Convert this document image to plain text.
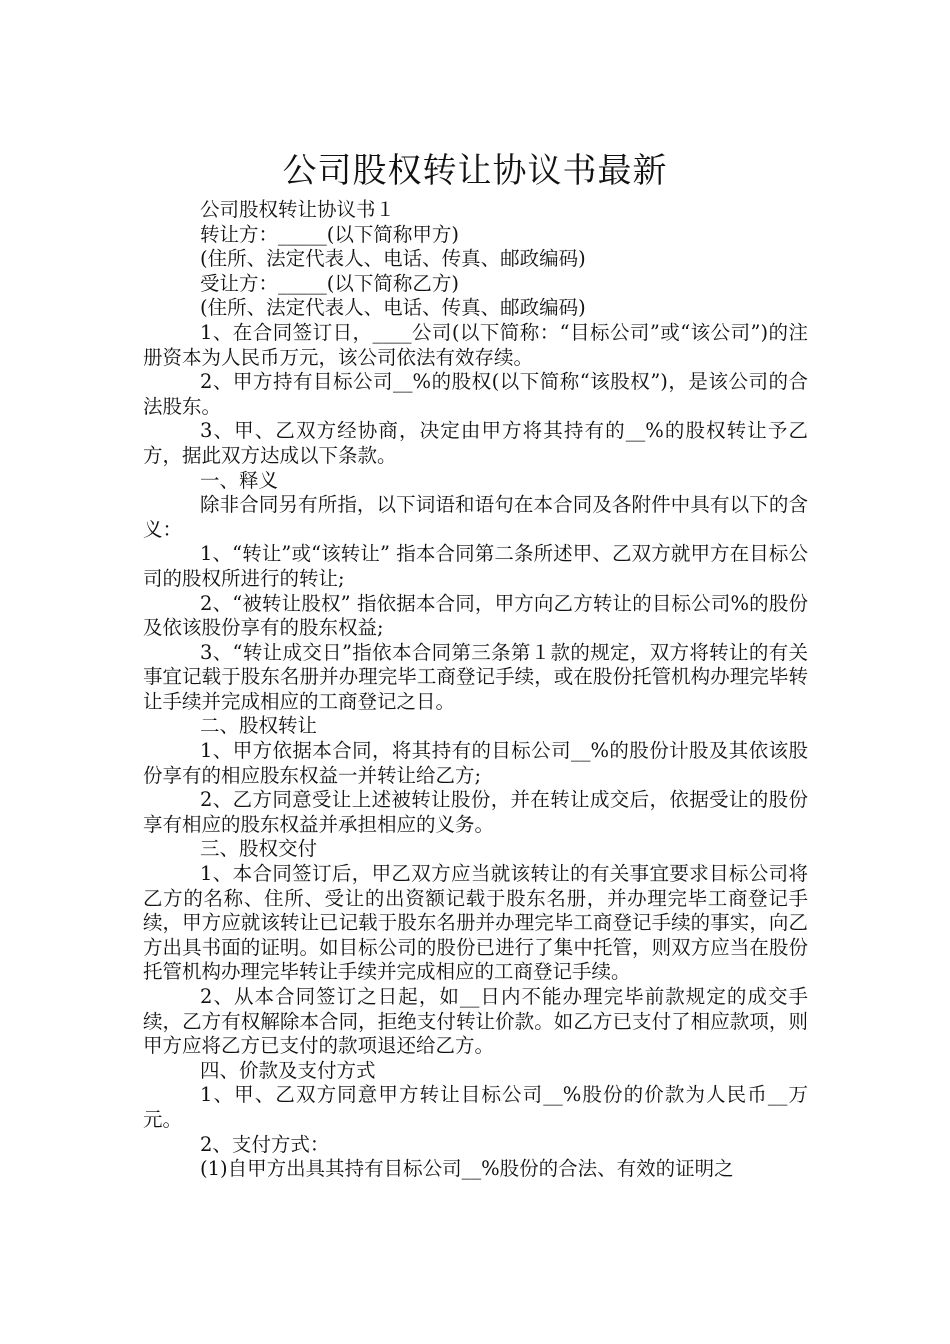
公司股权转让协议书最新

公司股权转让协议书１

转让方：_____(以下简称甲方)

(住所、法定代表人、电话、传真、邮政编码)

受让方：_____(以下简称乙方)

(住所、法定代表人、电话、传真、邮政编码)

1、在合同签订日，____公司(以下简称：“目标公司”或“该公司”)的注册资本为人民币万元，该公司依法有效存续。

2、甲方持有目标公司__%的股权(以下简称“该股权”)，是该公司的合法股东。

3、甲、乙双方经协商，决定由甲方将其持有的__%的股权转让予乙方，据此双方达成以下条款。

一、释义

除非合同另有所指，以下词语和语句在本合同及各附件中具有以下的含义：

1、“转让”或“该转让” 指本合同第二条所述甲、乙双方就甲方在目标公司的股权所进行的转让;

2、“被转让股权” 指依据本合同，甲方向乙方转让的目标公司%的股份及依该股份享有的股东权益;

3、“转让成交日”指依本合同第三条第１款的规定，双方将转让的有关事宜记载于股东名册并办理完毕工商登记手续，或在股份托管机构办理完毕转让手续并完成相应的工商登记之日。

二、股权转让

1、甲方依据本合同，将其持有的目标公司__%的股份计股及其依该股份享有的相应股东权益一并转让给乙方;

2、乙方同意受让上述被转让股份，并在转让成交后，依据受让的股份享有相应的股东权益并承担相应的义务。

三、股权交付

1、本合同签订后，甲乙双方应当就该转让的有关事宜要求目标公司将乙方的名称、住所、受让的出资额记载于股东名册，并办理完毕工商登记手续，甲方应就该转让已记载于股东名册并办理完毕工商登记手续的事实，向乙方出具书面的证明。如目标公司的股份已进行了集中托管，则双方应当在股份托管机构办理完毕转让手续并完成相应的工商登记手续。

2、从本合同签订之日起，如__日内不能办理完毕前款规定的成交手续，乙方有权解除本合同，拒绝支付转让价款。如乙方已支付了相应款项，则甲方应将乙方已支付的款项退还给乙方。

四、价款及支付方式

1、甲、乙双方同意甲方转让目标公司__%股份的价款为人民币__万元。

2、支付方式：

(1)自甲方出具其持有目标公司__%股份的合法、有效的证明之
